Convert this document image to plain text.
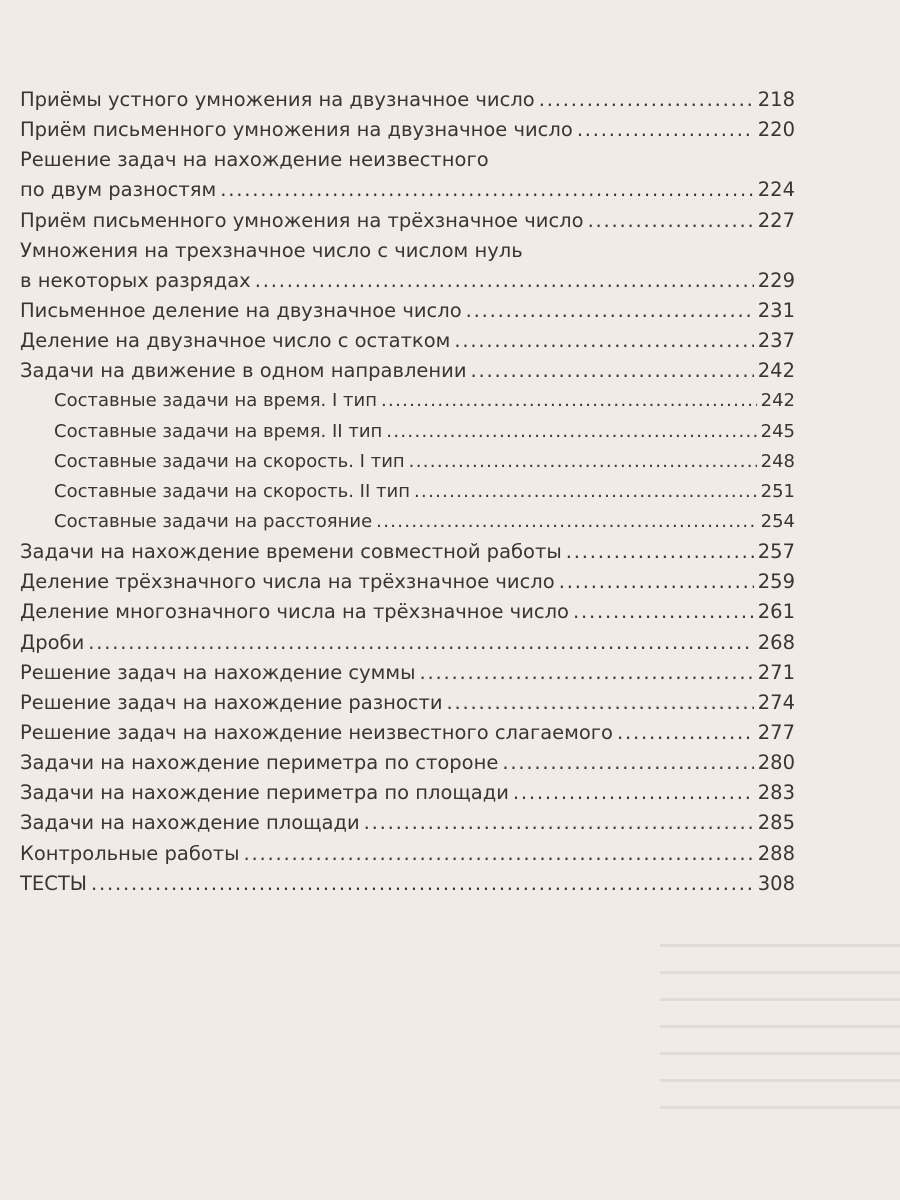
Приёмы устного умножения на двузначное число . . .	218
Приём письменного умножения на двузначное число . . .	220
Решение задач на нахождение неизвестного
по двум разностям . . .	224
Приём письменного умножения на трёхзначное число . . .	227
Умножения на трехзначное число с числом нуль
в некоторых разрядах . . .	229
Письменное деление на двузначное число . . .	231
Деление на двузначное число с остатком . . .	237
Задачи на движение в одном направлении . . .	242
Составные задачи на время. I тип . . .	242
Составные задачи на время. II тип . . .	245
Составные задачи на скорость. I тип . . .	248
Составные задачи на скорость. II тип . . .	251
Составные задачи на расстояние . . .	254
Задачи на нахождение времени совместной работы . . .	257
Деление трёхзначного числа на трёхзначное число . . .	259
Деление многозначного числа на трёхзначное число . . .	261
Дроби . . .	268
Решение задач на нахождение суммы . . .	271
Решение задач на нахождение разности . . .	274
Решение задач на нахождение неизвестного слагаемого . . .	277
Задачи на нахождение периметра по стороне . . .	280
Задачи на нахождение периметра по площади . . .	283
Задачи на нахождение площади . . .	285
Контрольные работы . . .	288
ТЕСТЫ . . .	308
